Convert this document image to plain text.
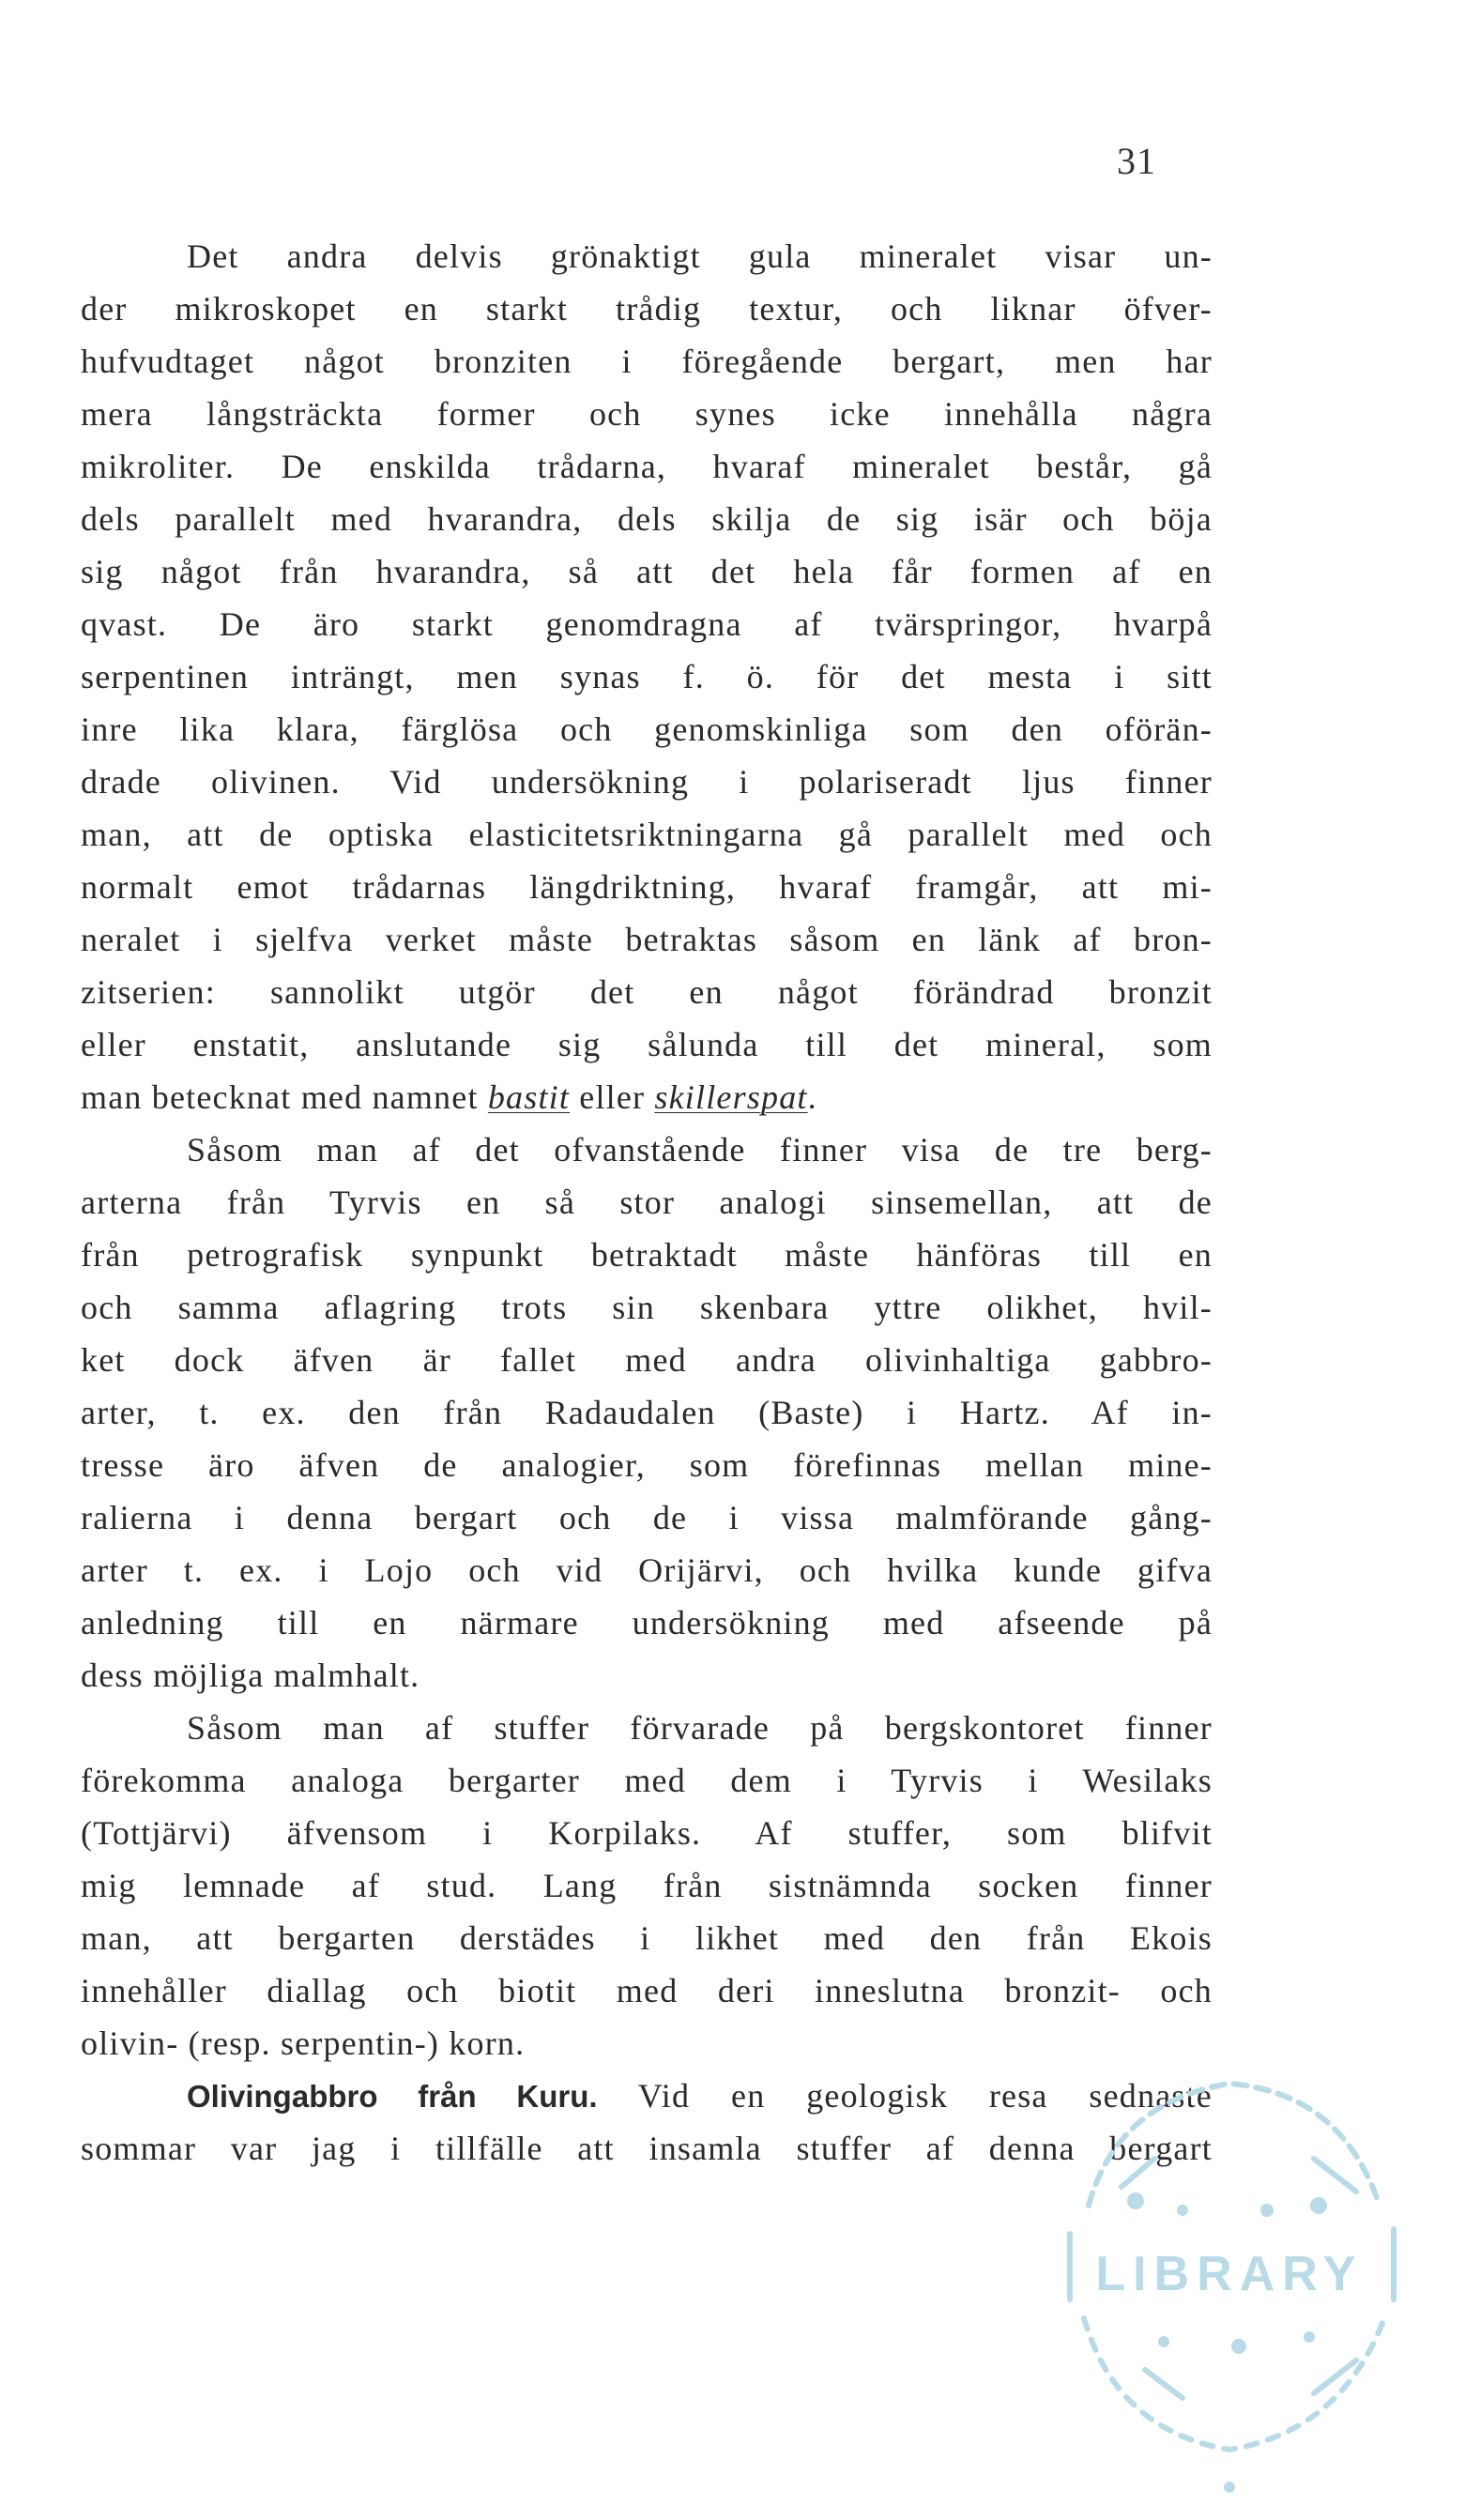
31
Det andra delvis grönaktigt gula mineralet visar un-
der mikroskopet en starkt trådig textur, och liknar öfver-
hufvudtaget något bronziten i föregående bergart, men har
mera långsträckta former och synes icke innehålla några
mikroliter. De enskilda trådarna, hvaraf mineralet består, gå
dels parallelt med hvarandra, dels skilja de sig isär och böja
sig något från hvarandra, så att det hela får formen af en
qvast. De äro starkt genomdragna af tvärspringor, hvarpå
serpentinen inträngt, men synas f. ö. för det mesta i sitt
inre lika klara, färglösa och genomskinliga som den oförän-
drade olivinen. Vid undersökning i polariseradt ljus finner
man, att de optiska elasticitetsriktningarna gå parallelt med och
normalt emot trådarnas längdriktning, hvaraf framgår, att mi-
neralet i sjelfva verket måste betraktas såsom en länk af bron-
zitserien: sannolikt utgör det en något förändrad bronzit
eller enstatit, anslutande sig sålunda till det mineral, som
man betecknat med namnet bastit eller skillerspat.
Såsom man af det ofvanstående finner visa de tre berg-
arterna från Tyrvis en så stor analogi sinsemellan, att de
från petrografisk synpunkt betraktadt måste hänföras till en
och samma aflagring trots sin skenbara yttre olikhet, hvil-
ket dock äfven är fallet med andra olivinhaltiga gabbro-
arter, t. ex. den från Radaudalen (Baste) i Hartz. Af in-
tresse äro äfven de analogier, som förefinnas mellan mine-
ralierna i denna bergart och de i vissa malmförande gång-
arter t. ex. i Lojo och vid Orijärvi, och hvilka kunde gifva
anledning till en närmare undersökning med afseende på
dess möjliga malmhalt.
Såsom man af stuffer förvarade på bergskontoret finner
förekomma analoga bergarter med dem i Tyrvis i Wesilaks
(Tottjärvi) äfvensom i Korpilaks. Af stuffer, som blifvit
mig lemnade af stud. Lang från sistnämnda socken finner
man, att bergarten derstädes i likhet med den från Ekois
innehåller diallag och biotit med deri inneslutna bronzit- och
olivin- (resp. serpentin-) korn.
Olivingabbro från Kuru. Vid en geologisk resa sednaste
sommar var jag i tillfälle att insamla stuffer af denna bergart
LIBRARY
